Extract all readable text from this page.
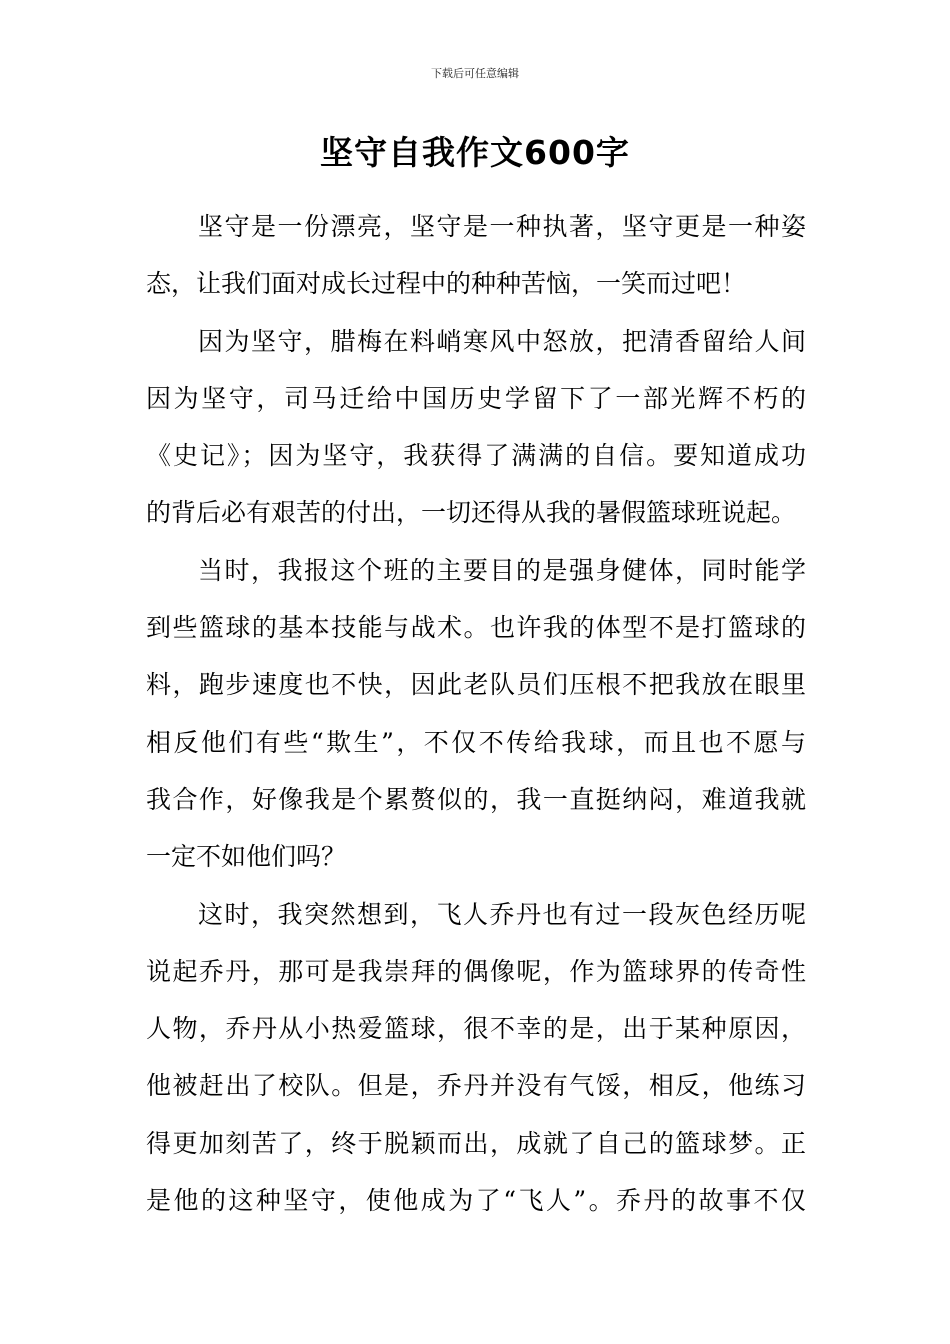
下载后可任意编辑
坚守自我作文600字
坚守是一份漂亮，坚守是一种执著，坚守更是一种姿
态，让我们面对成长过程中的种种苦恼，一笑而过吧！
因为坚守，腊梅在料峭寒风中怒放，把清香留给人间
因为坚守，司马迁给中国历史学留下了一部光辉不朽的
《史记》；因为坚守，我获得了满满的自信。要知道成功
的背后必有艰苦的付出，一切还得从我的暑假篮球班说起。
当时，我报这个班的主要目的是强身健体，同时能学
到些篮球的基本技能与战术。也许我的体型不是打篮球的
料，跑步速度也不快，因此老队员们压根不把我放在眼里
相反他们有些“欺生”，不仅不传给我球，而且也不愿与
我合作，好像我是个累赘似的，我一直挺纳闷，难道我就
一定不如他们吗？
这时，我突然想到，飞人乔丹也有过一段灰色经历呢
说起乔丹，那可是我崇拜的偶像呢，作为篮球界的传奇性
人物，乔丹从小热爱篮球，很不幸的是，出于某种原因，
他被赶出了校队。但是，乔丹并没有气馁，相反，他练习
得更加刻苦了，终于脱颖而出，成就了自己的篮球梦。正
是他的这种坚守，使他成为了“飞人”。乔丹的故事不仅
